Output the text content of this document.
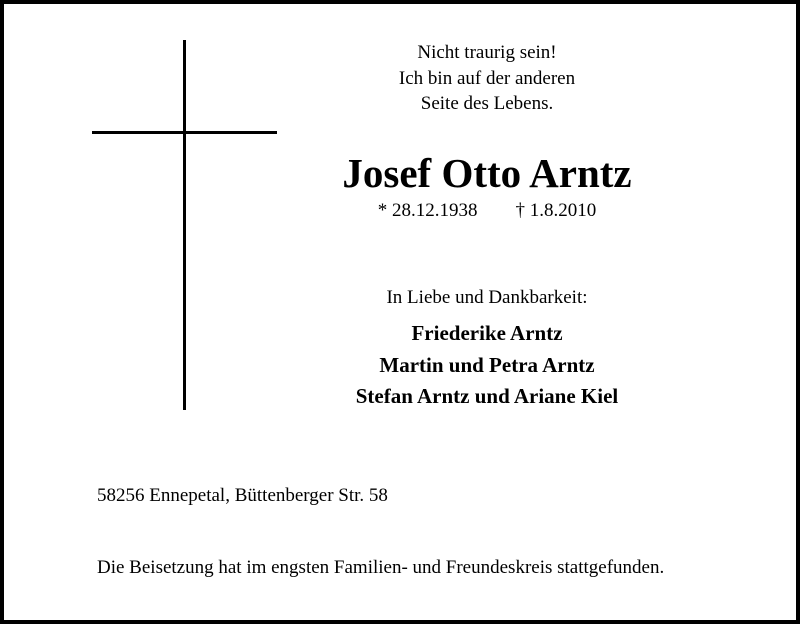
Nicht traurig sein!
Ich bin auf der anderen
Seite des Lebens.
Josef Otto Arntz
* 28.12.1938 † 1.8.2010
In Liebe und Dankbarkeit:
Friederike Arntz
Martin und Petra Arntz
Stefan Arntz und Ariane Kiel
58256 Ennepetal, Büttenberger Str. 58
Die Beisetzung hat im engsten Familien- und Freundeskreis stattgefunden.
